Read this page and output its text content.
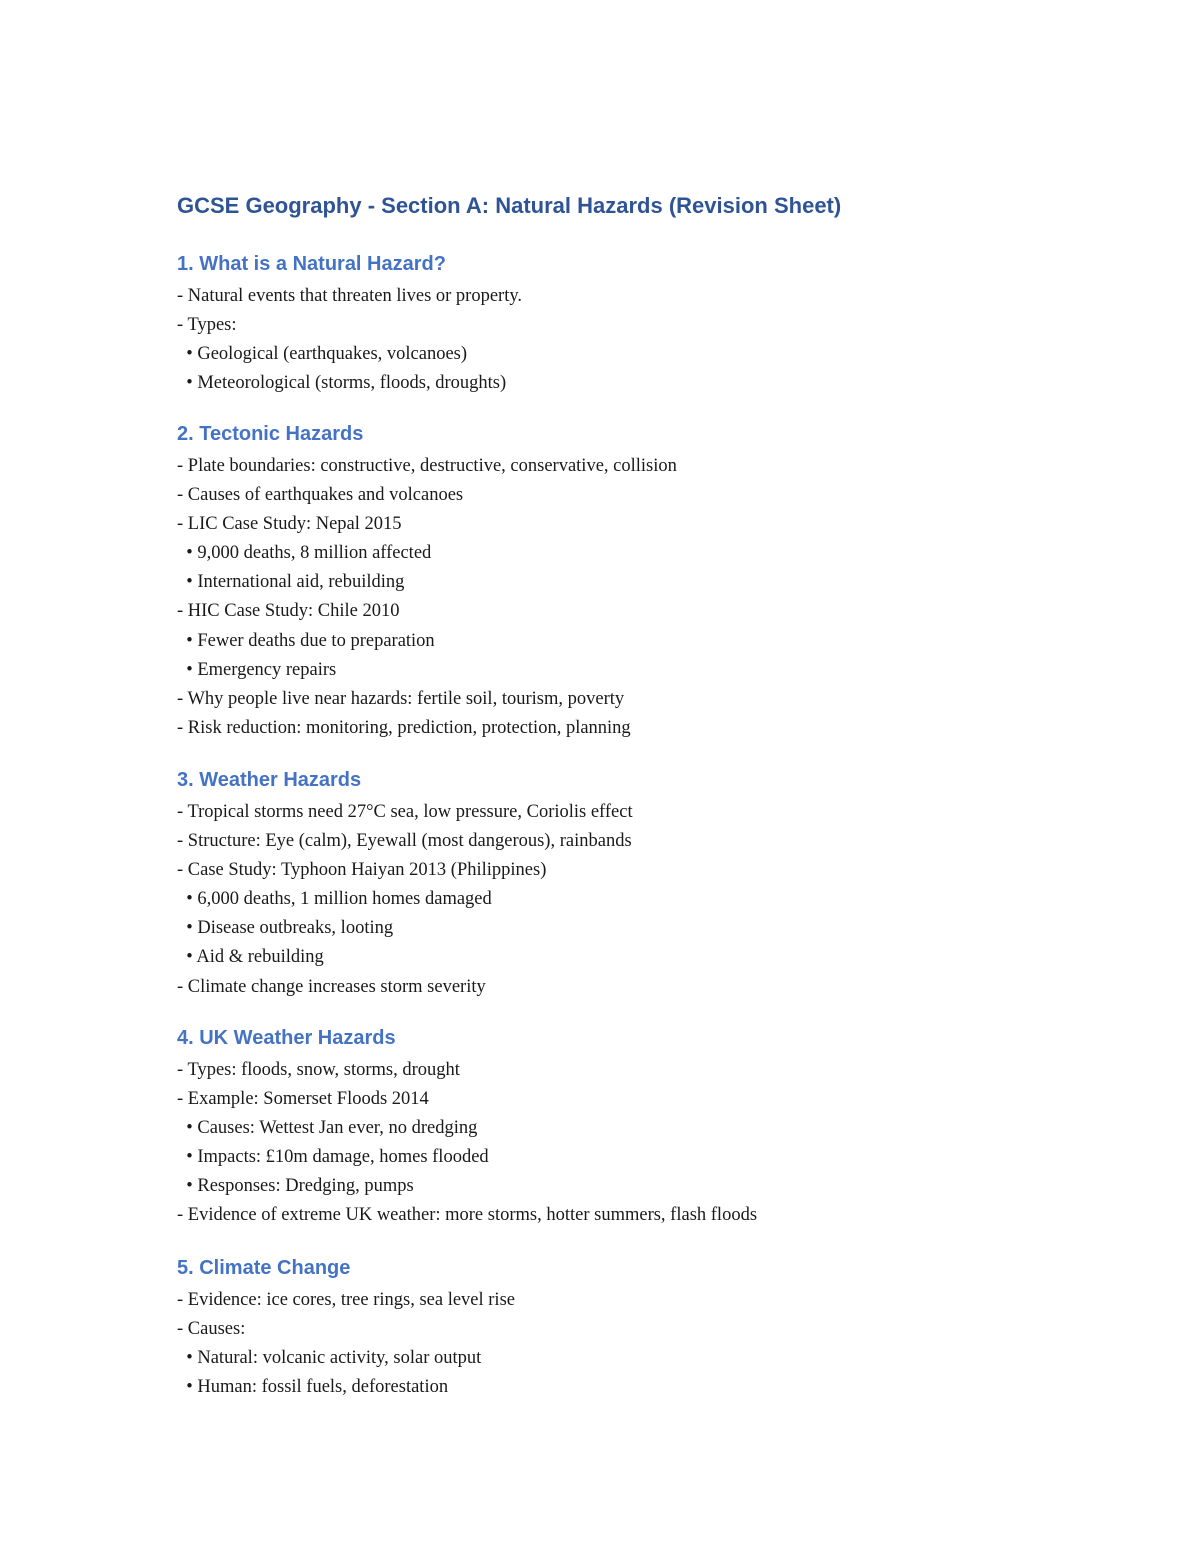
GCSE Geography - Section A: Natural Hazards (Revision Sheet)
1. What is a Natural Hazard?
- Natural events that threaten lives or property.
- Types:
• Geological (earthquakes, volcanoes)
• Meteorological (storms, floods, droughts)
2. Tectonic Hazards
- Plate boundaries: constructive, destructive, conservative, collision
- Causes of earthquakes and volcanoes
- LIC Case Study: Nepal 2015
• 9,000 deaths, 8 million affected
• International aid, rebuilding
- HIC Case Study: Chile 2010
• Fewer deaths due to preparation
• Emergency repairs
- Why people live near hazards: fertile soil, tourism, poverty
- Risk reduction: monitoring, prediction, protection, planning
3. Weather Hazards
- Tropical storms need 27°C sea, low pressure, Coriolis effect
- Structure: Eye (calm), Eyewall (most dangerous), rainbands
- Case Study: Typhoon Haiyan 2013 (Philippines)
• 6,000 deaths, 1 million homes damaged
• Disease outbreaks, looting
• Aid & rebuilding
- Climate change increases storm severity
4. UK Weather Hazards
- Types: floods, snow, storms, drought
- Example: Somerset Floods 2014
• Causes: Wettest Jan ever, no dredging
• Impacts: £10m damage, homes flooded
• Responses: Dredging, pumps
- Evidence of extreme UK weather: more storms, hotter summers, flash floods
5. Climate Change
- Evidence: ice cores, tree rings, sea level rise
- Causes:
• Natural: volcanic activity, solar output
• Human: fossil fuels, deforestation
